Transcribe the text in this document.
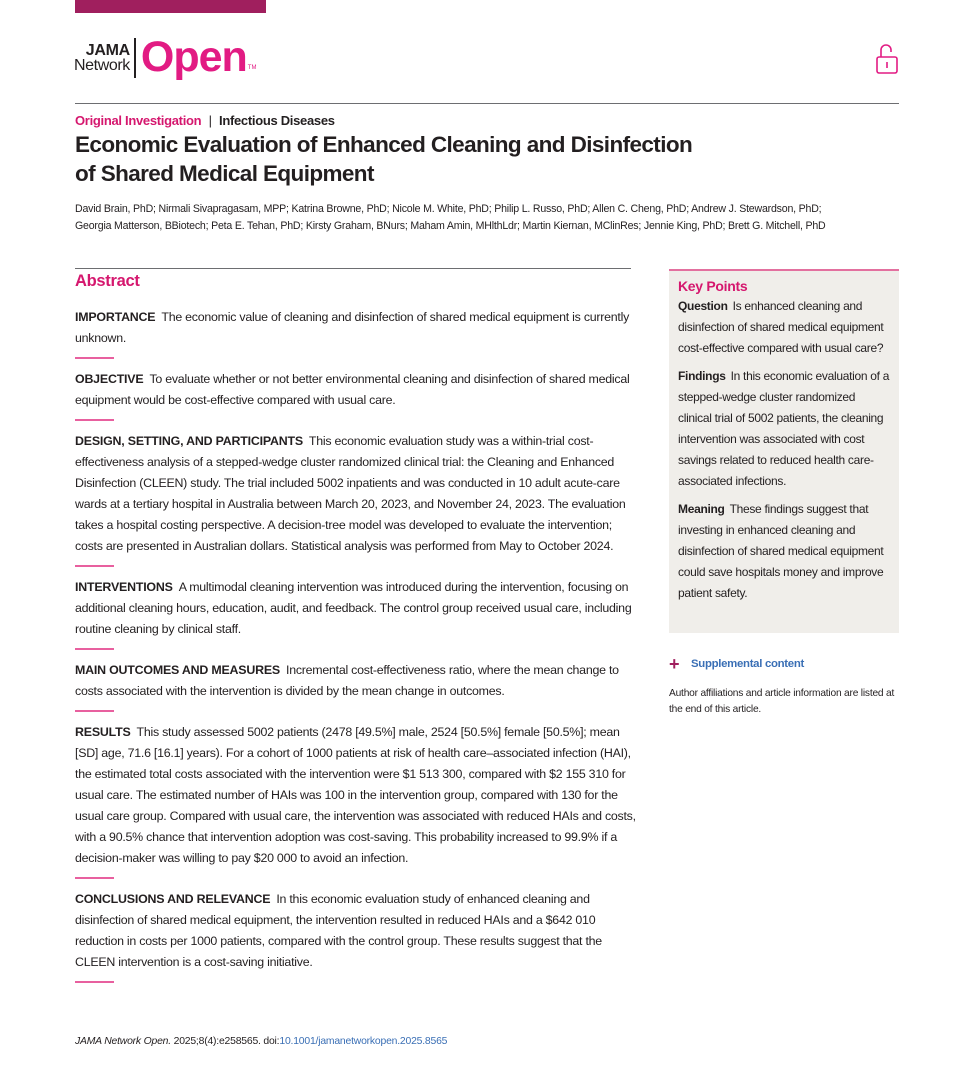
JAMA
Network Open TM
Original Investigation | Infectious Diseases
Economic Evaluation of Enhanced Cleaning and Disinfection
of Shared Medical Equipment
David Brain, PhD; Nirmali Sivapragasam, MPP; Katrina Browne, PhD; Nicole M. White, PhD; Philip L. Russo, PhD; Allen C. Cheng, PhD; Andrew J. Stewardson, PhD;
Georgia Matterson, BBiotech; Peta E. Tehan, PhD; Kirsty Graham, BNurs; Maham Amin, MHlthLdr; Martin Kiernan, MClinRes; Jennie King, PhD; Brett G. Mitchell, PhD
Abstract

IMPORTANCE The economic value of cleaning and disinfection of shared medical equipment is currently unknown.

OBJECTIVE To evaluate whether or not better environmental cleaning and disinfection of shared medical equipment would be cost-effective compared with usual care.

DESIGN, SETTING, AND PARTICIPANTS This economic evaluation study was a within-trial cost-effectiveness analysis of a stepped-wedge cluster randomized clinical trial: the Cleaning and Enhanced Disinfection (CLEEN) study. The trial included 5002 inpatients and was conducted in 10 adult acute-care wards at a tertiary hospital in Australia between March 20, 2023, and November 24, 2023. The evaluation takes a hospital costing perspective. A decision-tree model was developed to evaluate the intervention; costs are presented in Australian dollars. Statistical analysis was performed from May to October 2024.

INTERVENTIONS A multimodal cleaning intervention was introduced during the intervention, focusing on additional cleaning hours, education, audit, and feedback. The control group received usual care, including routine cleaning by clinical staff.

MAIN OUTCOMES AND MEASURES Incremental cost-effectiveness ratio, where the mean change to costs associated with the intervention is divided by the mean change in outcomes.

RESULTS This study assessed 5002 patients (2478 [49.5%] male, 2524 [50.5%] female [50.5%]; mean [SD] age, 71.6 [16.1] years). For a cohort of 1000 patients at risk of health care–associated infection (HAI), the estimated total costs associated with the intervention were $1 513 300, compared with $2 155 310 for usual care. The estimated number of HAIs was 100 in the intervention group, compared with 130 for the usual care group. Compared with usual care, the intervention was associated with reduced HAIs and costs, with a 90.5% chance that intervention adoption was cost-saving. This probability increased to 99.9% if a decision-maker was willing to pay $20 000 to avoid an infection.

CONCLUSIONS AND RELEVANCE In this economic evaluation study of enhanced cleaning and disinfection of shared medical equipment, the intervention resulted in reduced HAIs and a $642 010 reduction in costs per 1000 patients, compared with the control group. These results suggest that the CLEEN intervention is a cost-saving initiative.

JAMA Network Open. 2025;8(4):e258565. doi:10.1001/jamanetworkopen.2025.8565
Key Points

Question Is enhanced cleaning and disinfection of shared medical equipment cost-effective compared with usual care?

Findings In this economic evaluation of a stepped-wedge cluster randomized clinical trial of 5002 patients, the cleaning intervention was associated with cost savings related to reduced health care-associated infections.

Meaning These findings suggest that investing in enhanced cleaning and disinfection of shared medical equipment could save hospitals money and improve patient safety.

+	Supplemental content

Author affiliations and article information are listed at the end of this article.
